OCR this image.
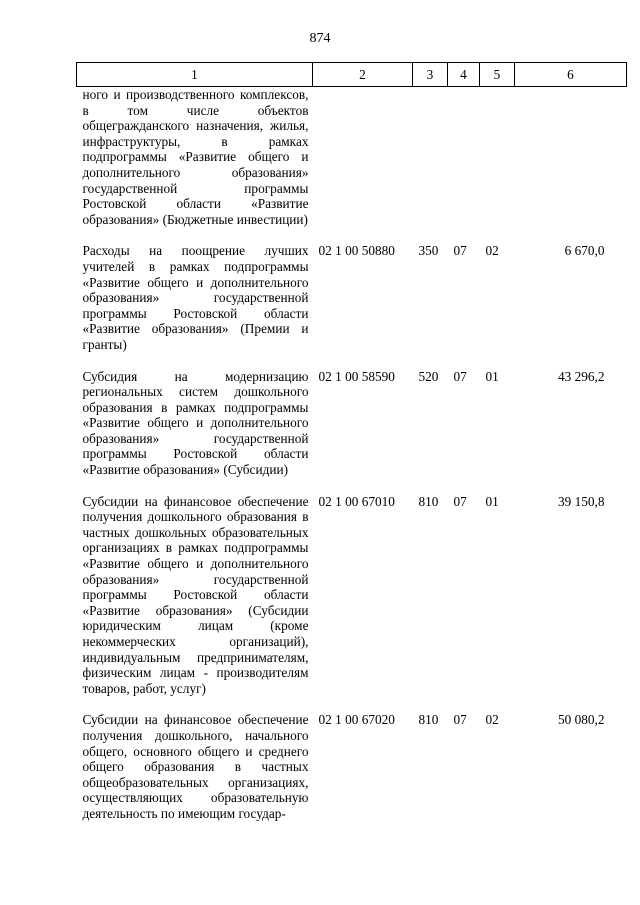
874
1	2	3	4	5	6
ного и производственного комплексов, в том числе объектов общегражданского назначения, жилья, инфраструктуры, в рамках подпрограммы «Развитие общего и дополнительного образования» государственной программы Ростовской области «Развитие образования» (Бюджетные инвестиции)					
Расходы на поощрение лучших учителей в рамках подпрограммы «Развитие общего и дополнительного образования» государственной программы Ростовской области «Развитие образования» (Премии и гранты)	02 1 00 50880	350	07	02	6 670,0
Субсидия на модернизацию региональных систем дошкольного образования в рамках подпрограммы «Развитие общего и дополнительного образования» государственной программы Ростовской области «Развитие образования» (Субсидии)	02 1 00 58590	520	07	01	43 296,2
Субсидии на финансовое обеспечение получения дошкольного образования в частных дошкольных образовательных организациях в рамках подпрограммы «Развитие общего и дополнительного образования» государственной программы Ростовской области «Развитие образования» (Субсидии юридическим лицам (кроме некоммерческих организаций), индивидуальным предпринимателям, физическим лицам - производителям товаров, работ, услуг)	02 1 00 67010	810	07	01	39 150,8
Субсидии на финансовое обеспечение получения дошкольного, начального общего, основного общего и среднего общего образования в частных общеобразовательных организациях, осуществляющих образовательную деятельность по имеющим государ-	02 1 00 67020	810	07	02	50 080,2
